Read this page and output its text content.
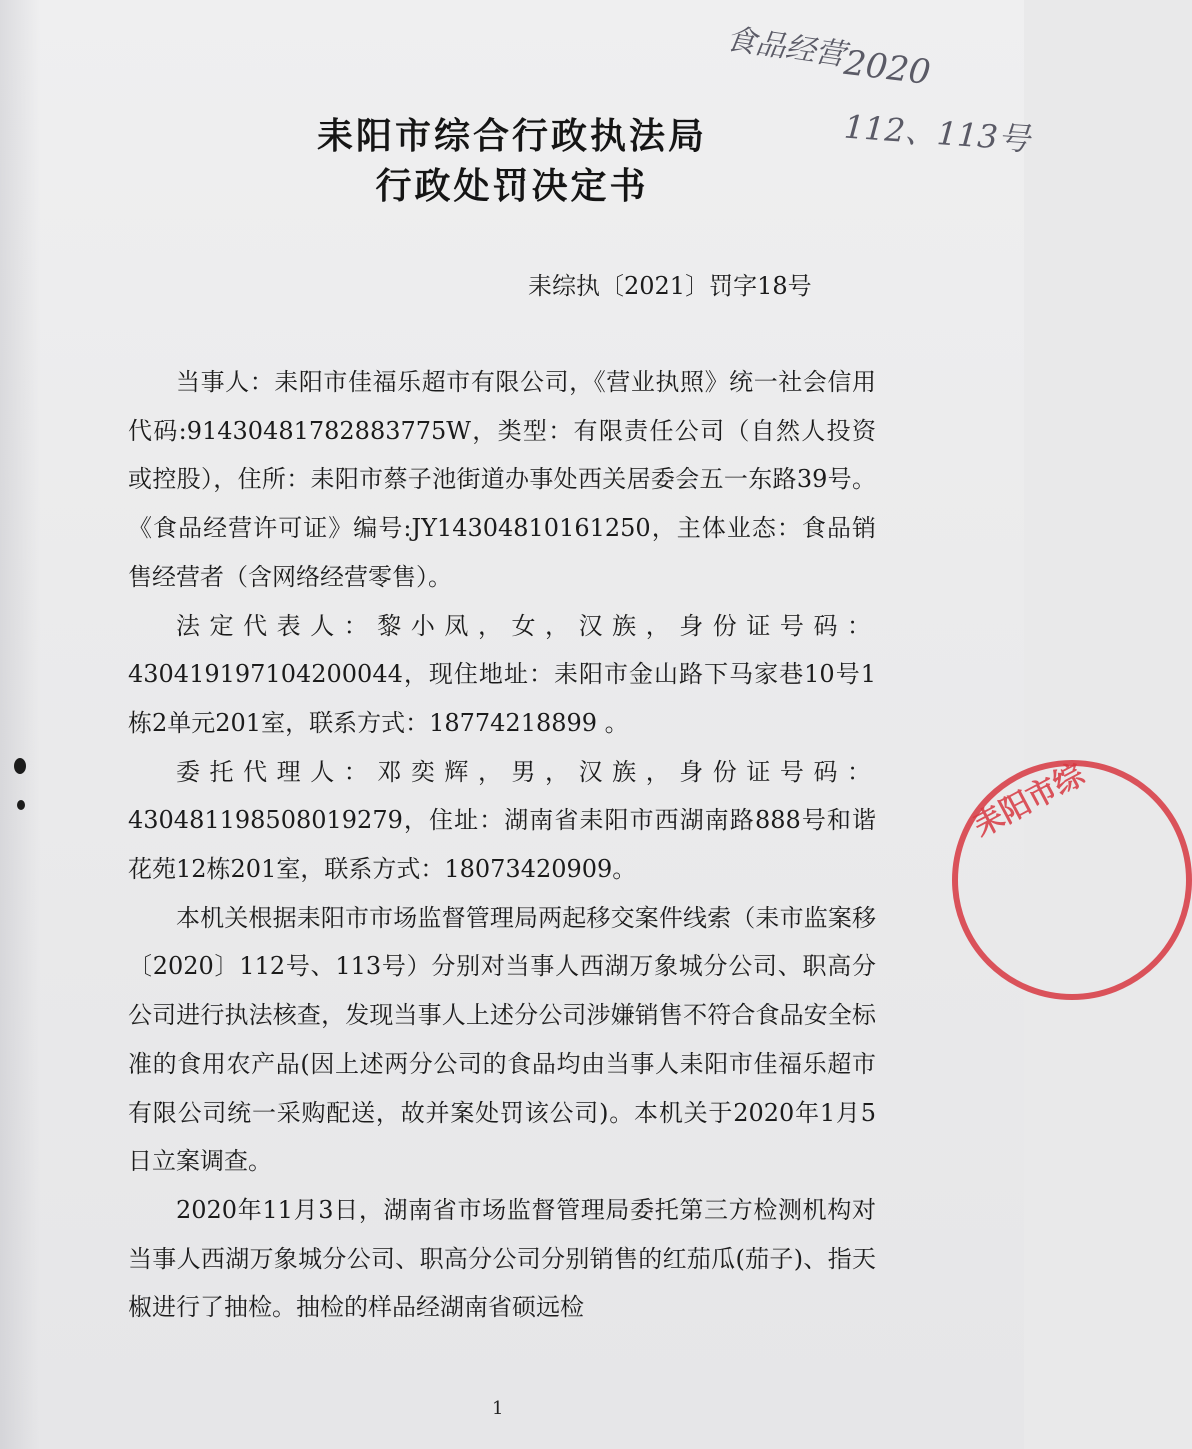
食品经营
2020
112、113号
耒阳市综合行政执法局
行政处罚决定书
耒综执〔2021〕罚字18号

当事人：耒阳市佳福乐超市有限公司，《营业执照》统一社会信用代码:91430481782883775W，类型：有限责任公司（自然人投资或控股），住所：耒阳市蔡子池街道办事处西关居委会五一东路39号。《食品经营许可证》编号:JY14304810161250，主体业态：食品销售经营者（含网络经营零售）。

法定代表人：黎小凤，女，汉族，身份证号码：430419197104200044，现住地址：耒阳市金山路下马家巷10号1栋2单元201室，联系方式：18774218899 。

委托代理人：邓奕辉，男，汉族，身份证号码：430481198508019279，住址：湖南省耒阳市西湖南路888号和谐花苑12栋201室，联系方式：18073420909。

本机关根据耒阳市市场监督管理局两起移交案件线索（耒市监案移〔2020〕112号、113号）分别对当事人西湖万象城分公司、职高分公司进行执法核查，发现当事人上述分公司涉嫌销售不符合食品安全标准的食用农产品(因上述两分公司的食品均由当事人耒阳市佳福乐超市有限公司统一采购配送，故并案处罚该公司)。本机关于2020年1月5日立案调查。

2020年11月3日，湖南省市场监督管理局委托第三方检测机构对当事人西湖万象城分公司、职高分公司分别销售的红茄瓜(茄子)、指天椒进行了抽检。抽检的样品经湖南省硕远检

耒阳市综
1
